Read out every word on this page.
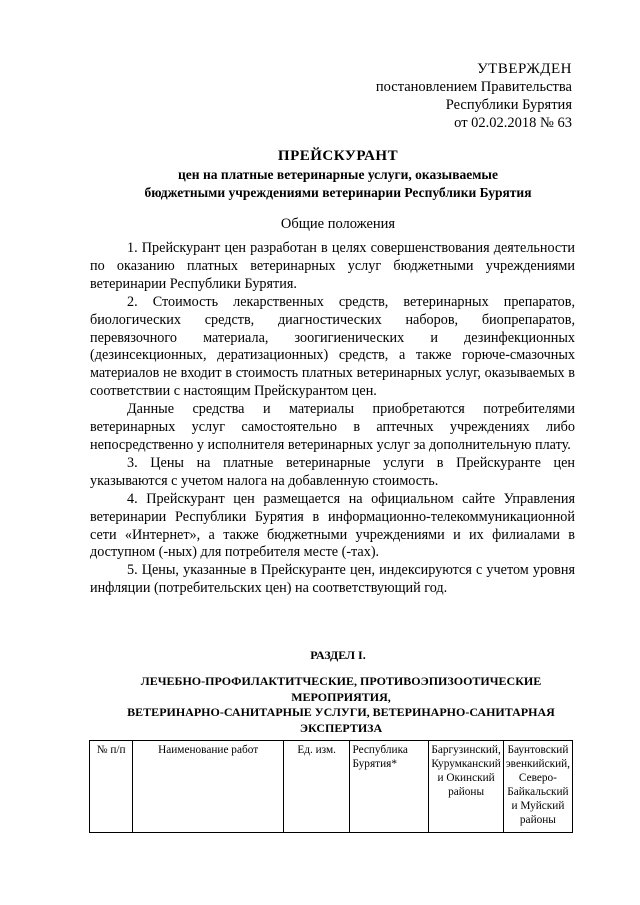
УТВЕРЖДЕН
постановлением Правительства
Республики Бурятия
от 02.02.2018 № 63
ПРЕЙСКУРАНТ
цен на платные ветеринарные услуги, оказываемые
бюджетными учреждениями ветеринарии Республики Бурятия
Общие положения

1. Прейскурант цен разработан в целях совершенствования деятельности по оказанию платных ветеринарных услуг бюджетными учреждениями ветеринарии Республики Бурятия.

2. Стоимость лекарственных средств, ветеринарных препаратов, биологических средств, диагностических наборов, биопрепаратов, перевязочного материала, зоогигиенических и дезинфекционных (дезинсекционных, дератизационных) средств, а также горюче-смазочных материалов не входит в стоимость платных ветеринарных услуг, оказываемых в соответствии с настоящим Прейскурантом цен.

Данные средства и материалы приобретаются потребителями ветеринарных услуг самостоятельно в аптечных учреждениях либо непосредственно у исполнителя ветеринарных услуг за дополнительную плату.

3. Цены на платные ветеринарные услуги в Прейскуранте цен указываются с учетом налога на добавленную стоимость.

4. Прейскурант цен размещается на официальном сайте Управления ветеринарии Республики Бурятия в информационно-телекоммуникационной сети «Интернет», а также бюджетными учреждениями и их филиалами в доступном (-ных) для потребителя месте (-тах).

5. Цены, указанные в Прейскуранте цен, индексируются с учетом уровня инфляции (потребительских цен) на соответствующий год.

РАЗДЕЛ I.
ЛЕЧЕБНО-ПРОФИЛАКТИТЧЕСКИЕ, ПРОТИВОЭПИЗООТИЧЕСКИЕ
МЕРОПРИЯТИЯ,
ВЕТЕРИНАРНО-САНИТАРНЫЕ УСЛУГИ, ВЕТЕРИНАРНО-САНИТАРНАЯ
ЭКСПЕРТИЗА
№ п/п	Наименование работ	Ед. изм.	Республика Бурятия*	Баргузинский, Курумканский и Окинский районы	Баунтовский эвенкийский, Северо-Байкальский и Муйский районы
